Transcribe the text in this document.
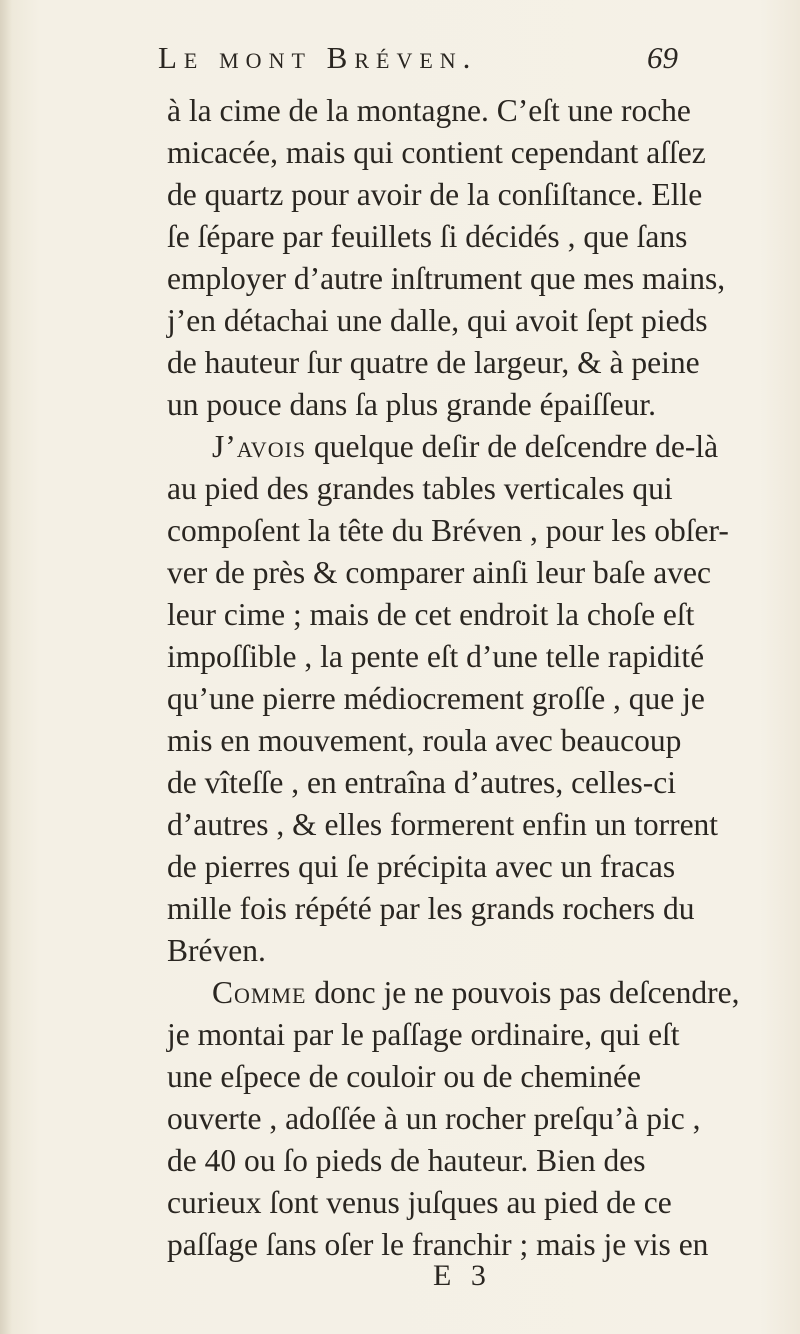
Le mont Bréven.	69
à la cime de la montagne. C’eſt une roche
micacée, mais qui contient cependant aſſez
de quartz pour avoir de la conſiſtance. Elle
ſe ſépare par feuillets ſi décidés , que ſans
employer d’autre inſtrument que mes mains,
j’en détachai une dalle, qui avoit ſept pieds
de hauteur ſur quatre de largeur, & à peine
un pouce dans ſa plus grande épaiſſeur.
J’avois quelque deſir de deſcendre de-là
au pied des grandes tables verticales qui
compoſent la tête du Bréven , pour les obſer-
ver de près & comparer ainſi leur baſe avec
leur cime ; mais de cet endroit la choſe eſt
impoſſible , la pente eſt d’une telle rapidité
qu’une pierre médiocrement groſſe , que je
mis en mouvement, roula avec beaucoup
de vîteſſe , en entraîna d’autres, celles-ci
d’autres , & elles formerent enfin un torrent
de pierres qui ſe précipita avec un fracas
mille fois répété par les grands rochers du
Bréven.
Comme donc je ne pouvois pas deſcendre,
je montai par le paſſage ordinaire, qui eſt
une eſpece de couloir ou de cheminée
ouverte , adoſſée à un rocher preſqu’à pic ,
de 40 ou ſo pieds de hauteur. Bien des
curieux ſont venus juſques au pied de ce
paſſage ſans oſer le franchir ; mais je vis en
E 3
